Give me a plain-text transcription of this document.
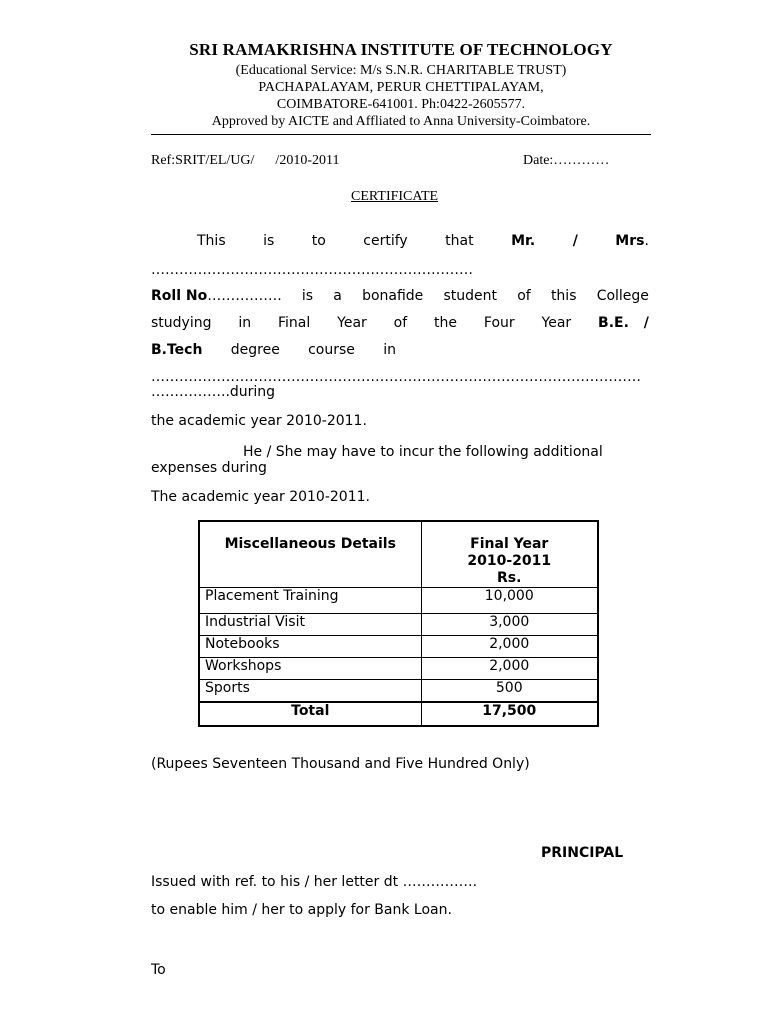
SRI RAMAKRISHNA INSTITUTE OF TECHNOLOGY
(Educational Service: M/s S.N.R. CHARITABLE TRUST)
PACHAPALAYAM, PERUR CHETTIPALAYAM,
COIMBATORE-641001. Ph:0422-2605577.
Approved by AICTE and Affliated to Anna University-Coimbatore.
Ref:SRIT/EL/UG/      /2010-2011	Date:…………
CERTIFICATE
This	is	to	certify	that	Mr.	/	Mrs.
……………………………………………………………
Roll No……………. is a bonafide student of this College
studying in Final Year of the Four Year B.E. /
B.Tech degree course in
……………………………………………………………………………………………
……………..during
the academic year 2010-2011.
He / She may have to incur the following additional
expenses during
The academic year 2010-2011.
Miscellaneous Details	Final Year
2010-2011
Rs.

Placement Training	10,000
Industrial Visit	3,000
Notebooks	2,000
Workshops	2,000
Sports	500
Total	17,500
(Rupees Seventeen Thousand and Five Hundred Only)
PRINCIPAL
Issued with ref. to his / her letter dt …………….
to enable him / her to apply for Bank Loan.
To
